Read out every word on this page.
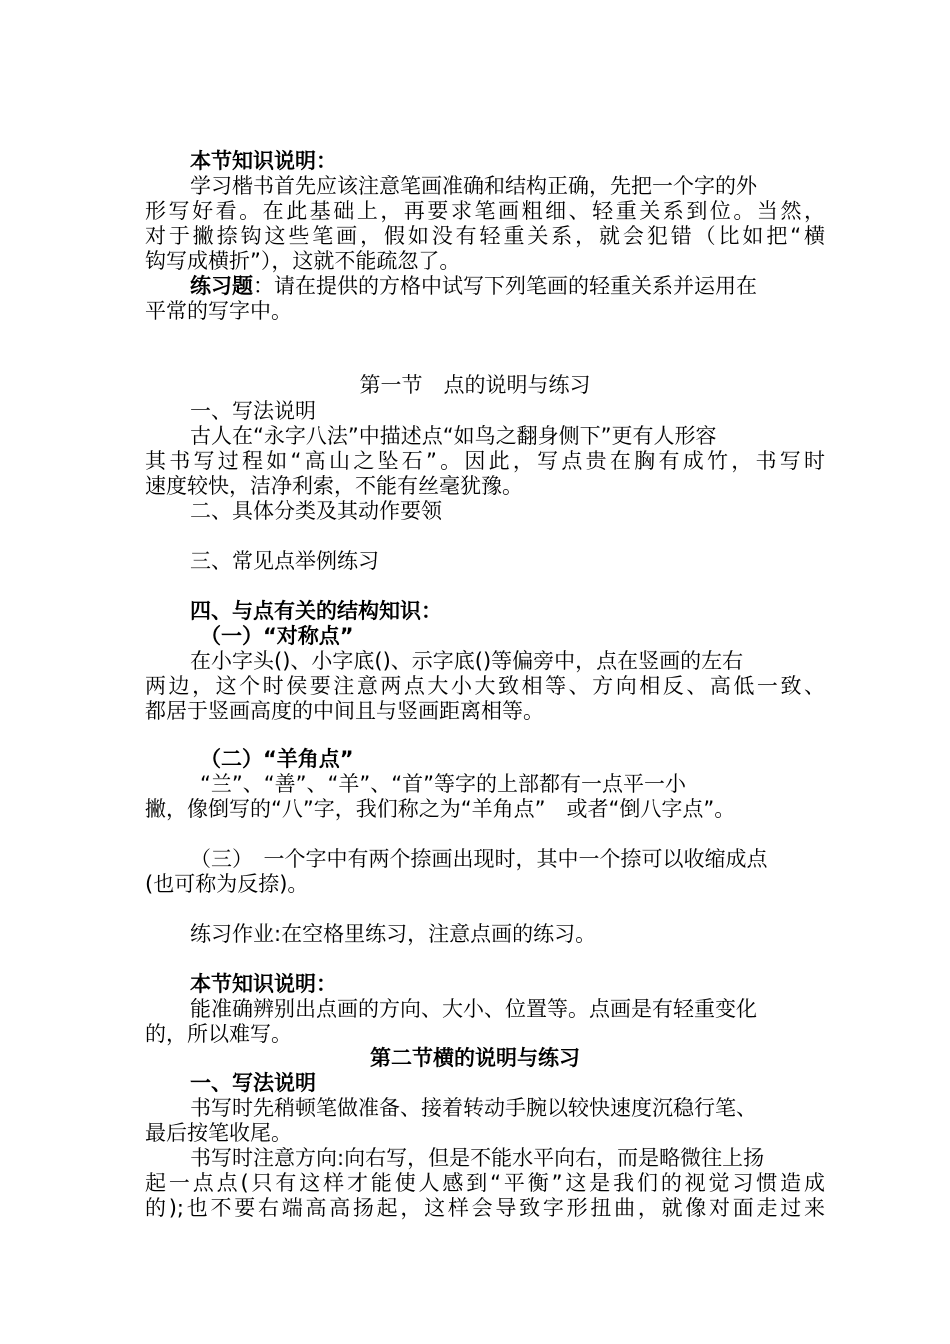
本节知识说明：
学习楷书首先应该注意笔画准确和结构正确，先把一个字的外
形写好看。在此基础上，再要求笔画粗细、轻重关系到位。当然，
对于撇捺钩这些笔画，假如没有轻重关系，就会犯错（比如把“横
钩写成横折”），这就不能疏忽了。
练习题：请在提供的方格中试写下列笔画的轻重关系并运用在
平常的写字中。
第一节　点的说明与练习
一、写法说明
古人在“永字八法”中描述点“如鸟之翻身侧下”更有人形容
其书写过程如“高山之坠石”。因此，写点贵在胸有成竹，书写时
速度较快，洁净利索，不能有丝毫犹豫。
二、具体分类及其动作要领
三、常见点举例练习
四、与点有关的结构知识：
（一）“对称点”
在小字头()、小字底()、示字底()等偏旁中，点在竖画的左右
两边，这个时侯要注意两点大小大致相等、方向相反、高低一致、
都居于竖画高度的中间且与竖画距离相等。
（二）“羊角点”
“兰”、“善”、“羊”、“首”等字的上部都有一点平一小
撇，像倒写的“八”字，我们称之为“羊角点”　或者“倒八字点”。
（三）　一个字中有两个捺画出现时，其中一个捺可以收缩成点
(也可称为反捺)。
练习作业:在空格里练习，注意点画的练习。
本节知识说明：
能准确辨别出点画的方向、大小、位置等。点画是有轻重变化
的，所以难写。
第二节横的说明与练习
一、写法说明
书写时先稍顿笔做准备、接着转动手腕以较快速度沉稳行笔、
最后按笔收尾。
书写时注意方向:向右写，但是不能水平向右，而是略微往上扬
起一点点(只有这样才能使人感到“平衡”这是我们的视觉习惯造成
的);也不要右端高高扬起，这样会导致字形扭曲，就像对面走过来
